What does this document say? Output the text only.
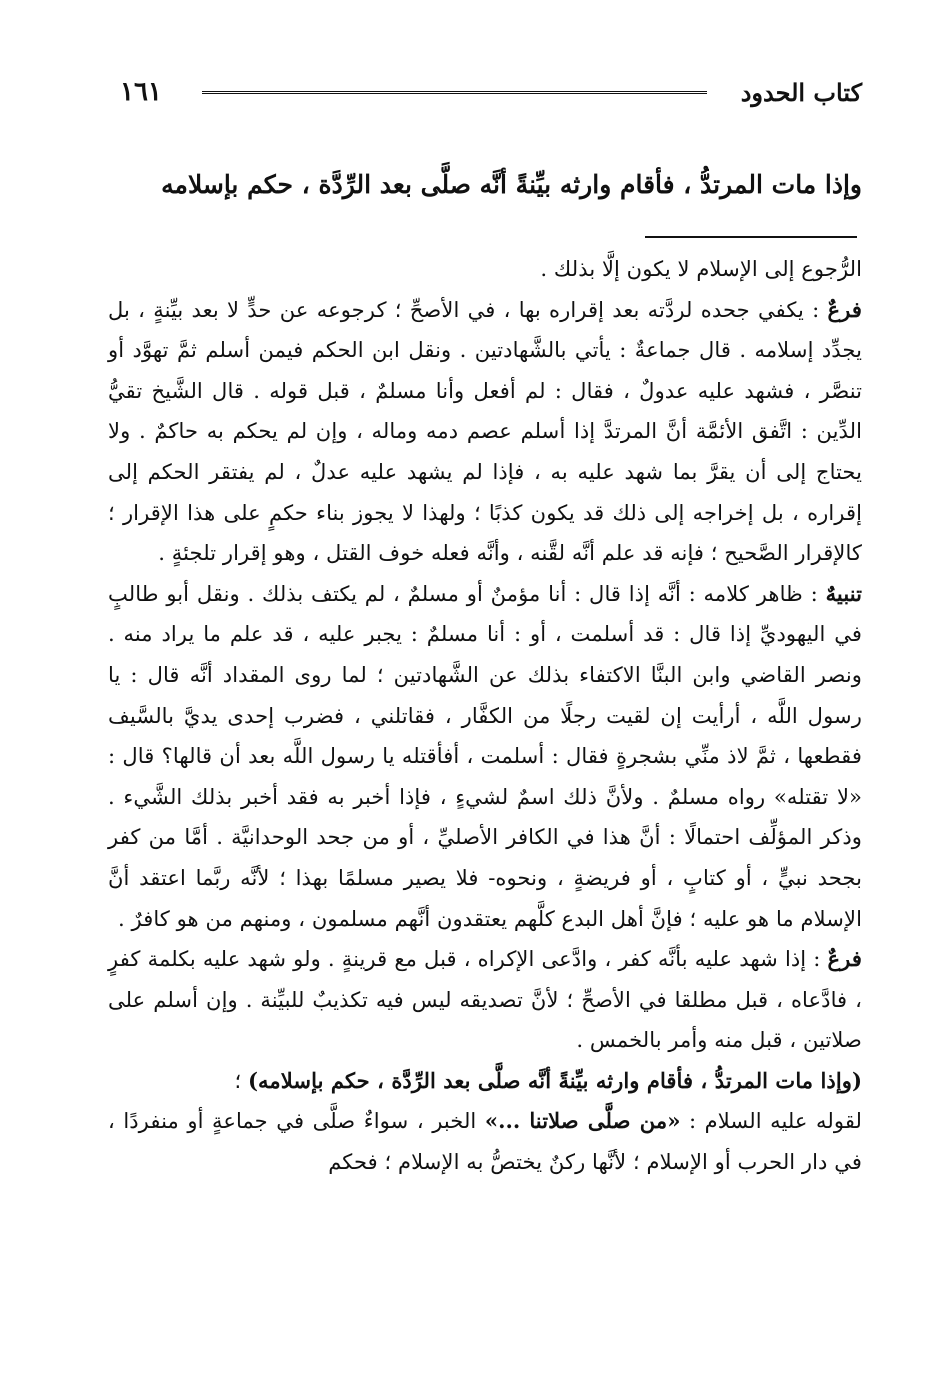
كتاب الحدود
١٦١
وإذا مات المرتدُّ ، فأقام وارثه بيِّنةً أنَّه صلَّى بعد الرِّدَّة ، حكم بإسلامه

الرُّجوع إلى الإسلام لا يكون إلَّا بذلك .

فرعٌ : يكفي جحده لردَّته بعد إقراره بها ، في الأصحِّ ؛ كرجوعه عن حدٍّ لا بعد بيِّنةٍ ، بل يجدِّد إسلامه . قال جماعةٌ : يأتي بالشَّهادتين . ونقل ابن الحكم فيمن أسلم ثمَّ تهوَّد أو تنصَّر ، فشهد عليه عدولٌ ، فقال : لم أفعل وأنا مسلمٌ ، قبل قوله . قال الشَّيخ تقيُّ الدِّين : اتَّفق الأئمَّة أنَّ المرتدَّ إذا أسلم عصم دمه وماله ، وإن لم يحكم به حاكمٌ . ولا يحتاج إلى أن يقرَّ بما شهد عليه به ، فإذا لم يشهد عليه عدلٌ ، لم يفتقر الحكم إلى إقراره ، بل إخراجه إلى ذلك قد يكون كذبًا ؛ ولهذا لا يجوز بناء حكمٍ على هذا الإقرار ؛ كالإقرار الصَّحيح ؛ فإنه قد علم أنَّه لقَّنه ، وأنَّه فعله خوف القتل ، وهو إقرار تلجئةٍ .

تنبيهٌ : ظاهر كلامه : أنَّه إذا قال : أنا مؤمنٌ أو مسلمٌ ، لم يكتف بذلك . ونقل أبو طالبٍ في اليهوديِّ إذا قال : قد أسلمت ، أو : أنا مسلمٌ : يجبر عليه ، قد علم ما يراد منه . ونصر القاضي وابن البنَّا الاكتفاء بذلك عن الشَّهادتين ؛ لما روى المقداد أنَّه قال : يا رسول اللَّه ، أرأيت إن لقيت رجلًا من الكفَّار ، فقاتلني ، فضرب إحدى يديَّ بالسَّيف فقطعها ، ثمَّ لاذ منِّي بشجرةٍ فقال : أسلمت ، أفأقتله يا رسول اللَّه بعد أن قالها؟ قال : «لا تقتله» رواه مسلمٌ . ولأنَّ ذلك اسمٌ لشيءٍ ، فإذا أخبر به فقد أخبر بذلك الشَّيء . وذكر المؤلِّف احتمالًا : أنَّ هذا في الكافر الأصليِّ ، أو من جحد الوحدانيَّة . أمَّا من كفر بجحد نبيٍّ ، أو كتابٍ ، أو فريضةٍ ، ونحوه- فلا يصير مسلمًا بهذا ؛ لأنَّه ربَّما اعتقد أنَّ الإسلام ما هو عليه ؛ فإنَّ أهل البدع كلَّهم يعتقدون أنَّهم مسلمون ، ومنهم من هو كافرٌ .

فرعٌ : إذا شهد عليه بأنَّه كفر ، وادَّعى الإكراه ، قبل مع قرينةٍ . ولو شهد عليه بكلمة كفرٍ ، فادَّعاه ، قبل مطلقا في الأصحِّ ؛ لأنَّ تصديقه ليس فيه تكذيبٌ للبيِّنة . وإن أسلم على صلاتين ، قبل منه وأمر بالخمس .

(وإذا مات المرتدُّ ، فأقام وارثه بيِّنةً أنَّه صلَّى بعد الرِّدَّة ، حكم بإسلامه) ؛

لقوله عليه السلام : «من صلَّى صلاتنا ...» الخبر ، سواءٌ صلَّى في جماعةٍ أو منفردًا ، في دار الحرب أو الإسلام ؛ لأنَّها ركنٌ يختصُّ به الإسلام ؛ فحكم
